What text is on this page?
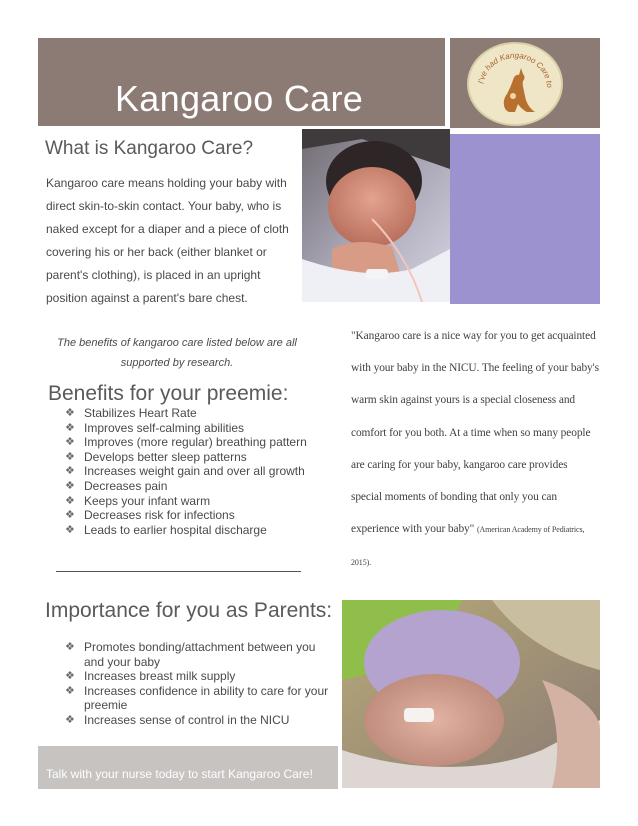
Kangaroo Care	I've had Kangaroo Care to
What is Kangaroo Care?

Kangaroo care means holding your baby with direct skin-to-skin contact. Your baby, who is naked except for a diaper and a piece of cloth covering his or her back (either blanket or parent's clothing), is placed in an upright position against a parent's bare chest.

The benefits of kangaroo care listed below are all supported by research.

Benefits for your preemie:
❖ Stabilizes Heart Rate
❖ Improves self-calming abilities
❖ Improves (more regular) breathing pattern
❖ Develops better sleep patterns
❖ Increases weight gain and over all growth
❖ Decreases pain
❖ Keeps your infant warm
❖ Decreases risk for infections
❖ Leads to earlier hospital discharge

"Kangaroo care is a nice way for you to get acquainted with your baby in the NICU. The feeling of your baby's warm skin against yours is a special closeness and comfort for you both. At a time when so many people are caring for your baby, kangaroo care provides special moments of bonding that only you can experience with your baby" (American Academy of Pediatrics, 2015).

Importance for you as Parents:
❖ Promotes bonding/attachment between you and your baby
❖ Increases breast milk supply
❖ Increases confidence in ability to care for your preemie
❖ Increases sense of control in the NICU
Talk with your nurse today to start Kangaroo Care!
